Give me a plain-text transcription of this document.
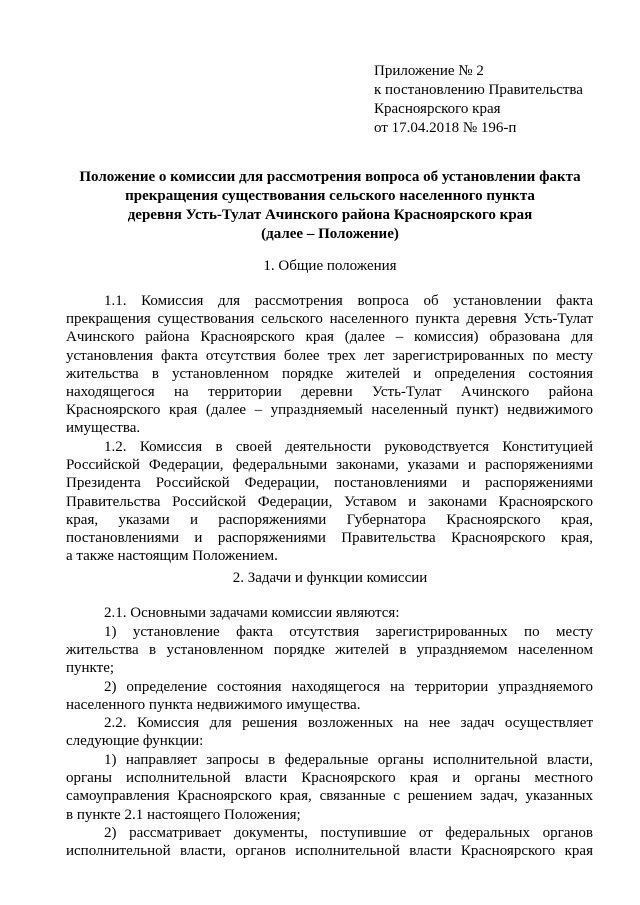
Приложение № 2
к постановлению Правительства
Красноярского края
от 17.04.2018 № 196-п
Положение о комиссии для рассмотрения вопроса об установлении факта
прекращения существования сельского населенного пункта
деревня Усть-Тулат Ачинского района Красноярского края
(далее – Положение)
1. Общие положения
1.1. Комиссия для рассмотрения вопроса об установлении факта
прекращения существования сельского населенного пункта деревня Усть-Тулат
Ачинского района Красноярского края (далее – комиссия) образована для
установления факта отсутствия более трех лет зарегистрированных по месту
жительства в установленном порядке жителей и определения состояния
находящегося на территории деревни Усть-Тулат Ачинского района
Красноярского края (далее – упраздняемый населенный пункт) недвижимого
имущества.
1.2. Комиссия в своей деятельности руководствуется Конституцией
Российской Федерации, федеральными законами, указами и распоряжениями
Президента Российской Федерации, постановлениями и распоряжениями
Правительства Российской Федерации, Уставом и законами Красноярского
края, указами и распоряжениями Губернатора Красноярского края,
постановлениями и распоряжениями Правительства Красноярского края,
а также настоящим Положением.
2. Задачи и функции комиссии
2.1. Основными задачами комиссии являются:
1) установление факта отсутствия зарегистрированных по месту
жительства в установленном порядке жителей в упраздняемом населенном
пункте;
2) определение состояния находящегося на территории упраздняемого
населенного пункта недвижимого имущества.
2.2. Комиссия для решения возложенных на нее задач осуществляет
следующие функции:
1) направляет запросы в федеральные органы исполнительной власти,
органы исполнительной власти Красноярского края и органы местного
самоуправления Красноярского края, связанные с решением задач, указанных
в пункте 2.1 настоящего Положения;
2) рассматривает документы, поступившие от федеральных органов
исполнительной власти, органов исполнительной власти Красноярского края
